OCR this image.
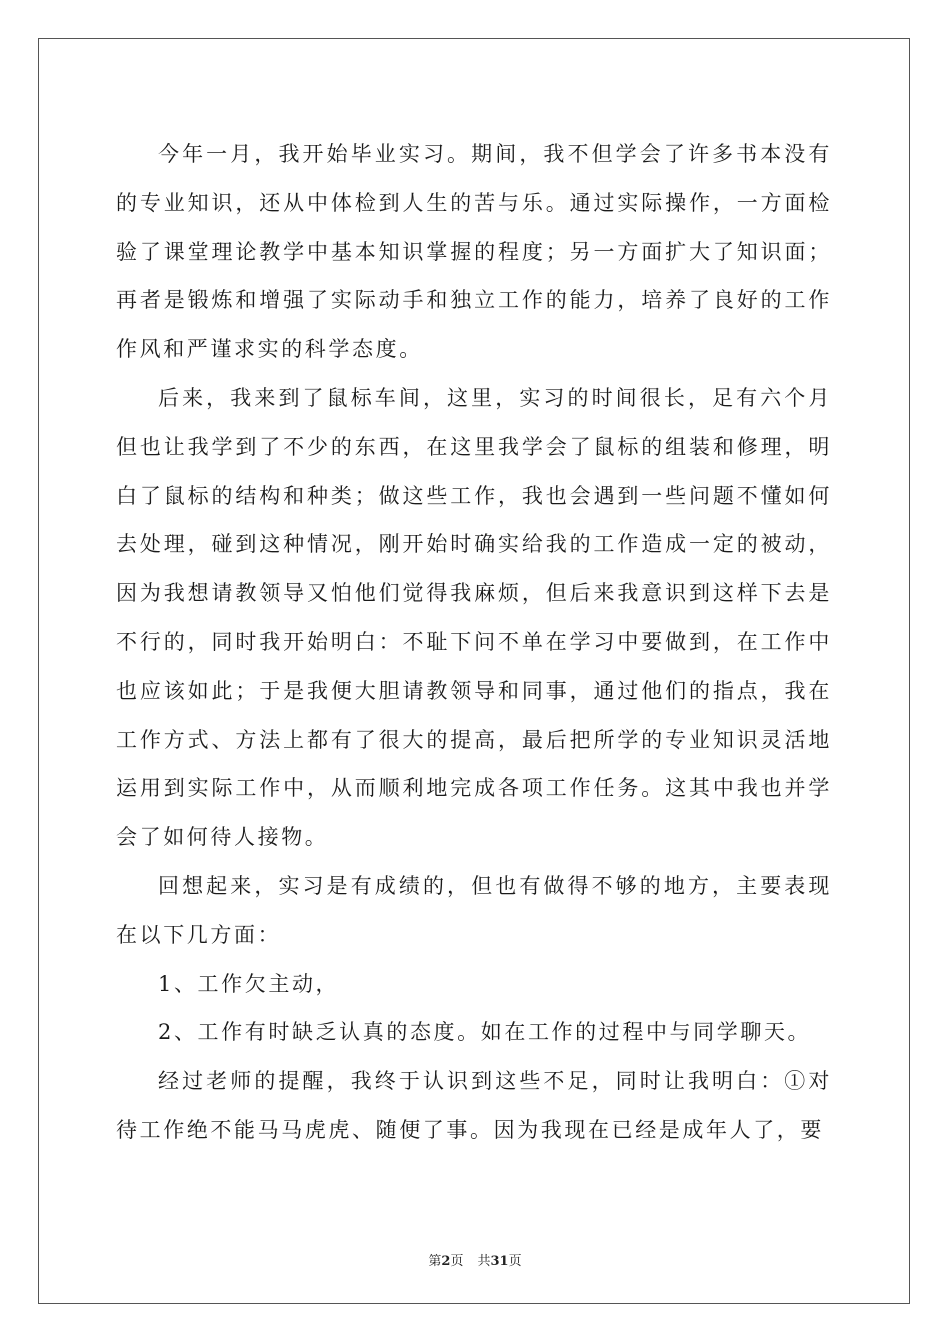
今年一月，我开始毕业实习。期间，我不但学会了许多书本没有的专业知识，还从中体检到人生的苦与乐。通过实际操作，一方面检验了课堂理论教学中基本知识掌握的程度；另一方面扩大了知识面；再者是锻炼和增强了实际动手和独立工作的能力，培养了良好的工作作风和严谨求实的科学态度。

后来，我来到了鼠标车间，这里，实习的时间很长，足有六个月但也让我学到了不少的东西，在这里我学会了鼠标的组装和修理，明白了鼠标的结构和种类；做这些工作，我也会遇到一些问题不懂如何去处理，碰到这种情况，刚开始时确实给我的工作造成一定的被动，因为我想请教领导又怕他们觉得我麻烦，但后来我意识到这样下去是不行的，同时我开始明白：不耻下问不单在学习中要做到，在工作中也应该如此；于是我便大胆请教领导和同事，通过他们的指点，我在工作方式、方法上都有了很大的提高，最后把所学的专业知识灵活地运用到实际工作中，从而顺利地完成各项工作任务。这其中我也并学会了如何待人接物。

回想起来，实习是有成绩的，但也有做得不够的地方，主要表现在以下几方面：

1、工作欠主动，

2、工作有时缺乏认真的态度。如在工作的过程中与同学聊天。

经过老师的提醒，我终于认识到这些不足，同时让我明白：①对待工作绝不能马马虎虎、随便了事。因为我现在已经是成年人了，要

第2页 共31页
